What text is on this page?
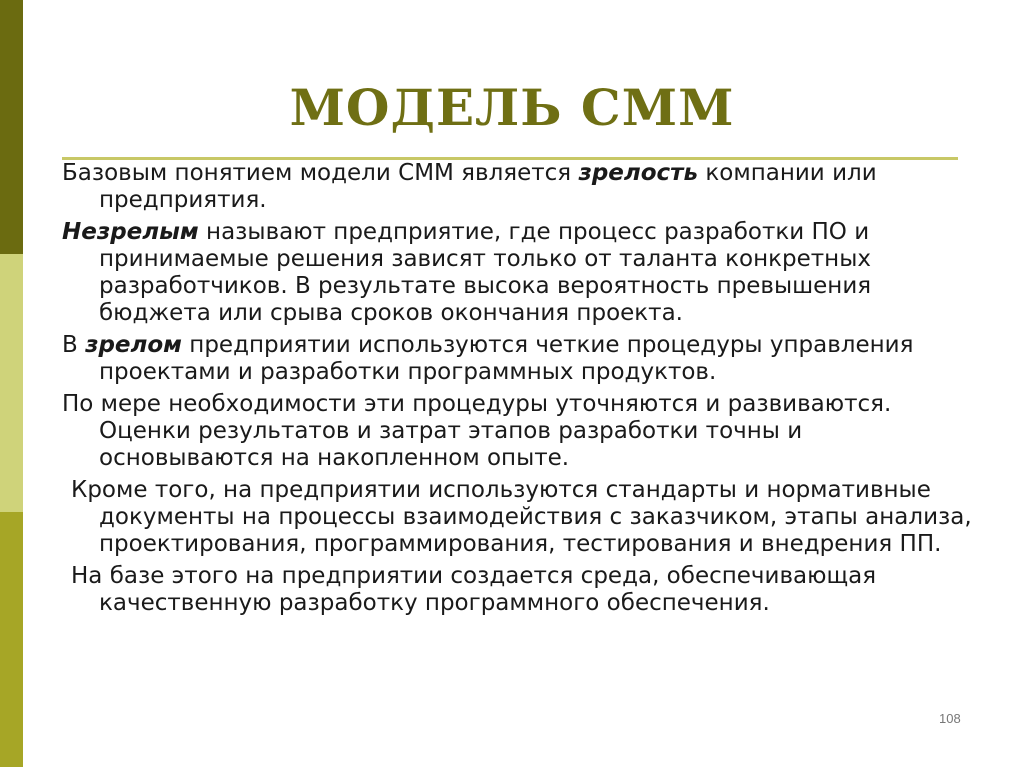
МОДЕЛЬ СММ

Базовым понятием модели СММ является зрелость компании или предприятия.

Незрелым называют предприятие, где процесс разработки ПО и принимаемые решения зависят только от таланта конкретных разработчиков. В результате высока вероятность превышения бюджета или срыва сроков окончания проекта.

В зрелом предприятии используются четкие процедуры управления проектами и разработки программных продуктов.

По мере необходимости эти процедуры уточняются и развиваются. Оценки результатов и затрат этапов разработки точны и основываются на накопленном опыте.

Кроме того, на предприятии используются стандарты и нормативные документы на процессы взаимодействия с заказчиком, этапы анализа, проектирования, программирования, тестирования и внедрения ПП.

На базе этого на предприятии создается среда, обеспечивающая качественную разработку программного обеспечения.

108
